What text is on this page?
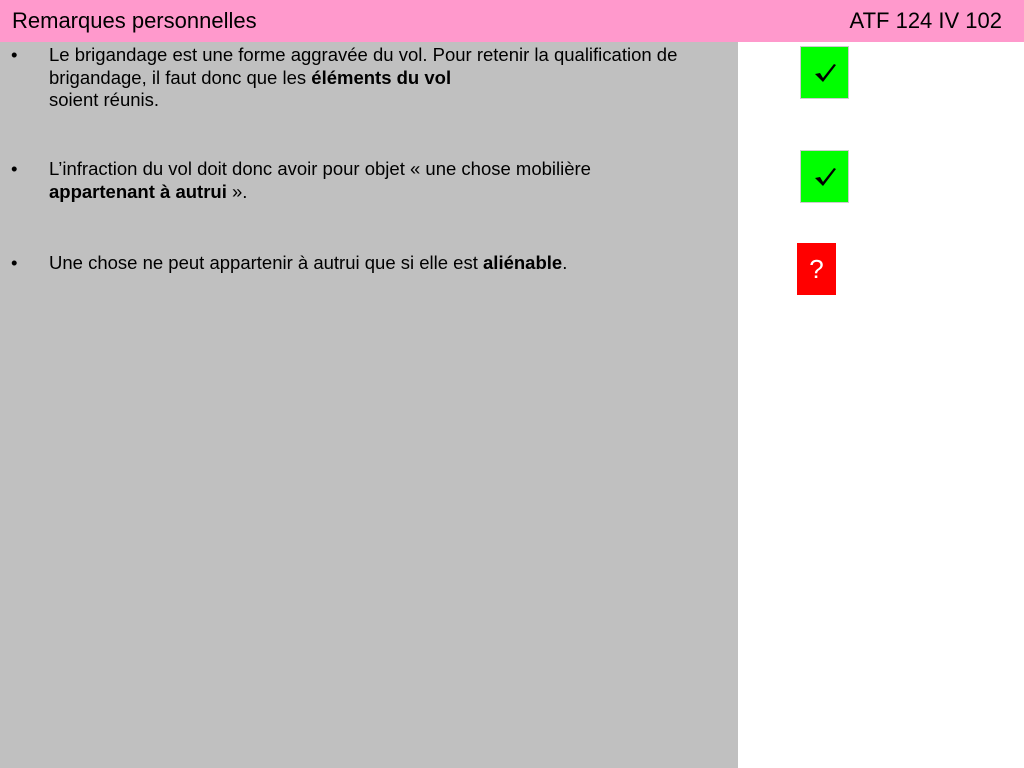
Remarques personnelles	ATF 124 IV 102
• Le brigandage est une forme aggravée du vol. Pour retenir la qualification de brigandage, il faut donc que les éléments du vol
soient réunis.
• L’infraction du vol doit donc avoir pour objet « une chose mobilière
appartenant à autrui ».
• Une chose ne peut appartenir à autrui que si elle est aliénable.	?
